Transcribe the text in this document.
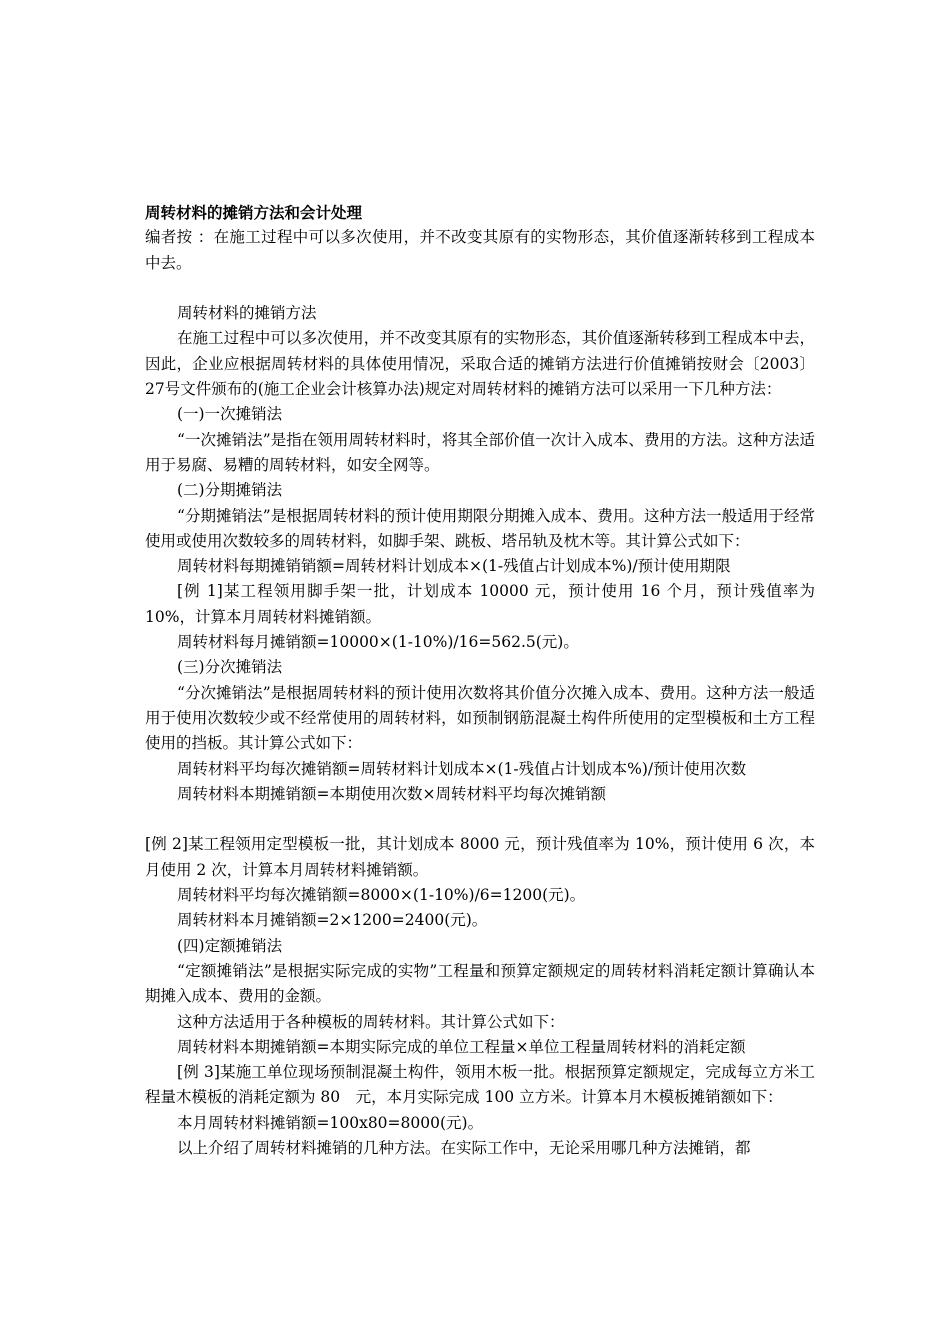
周转材料的摊销方法和会计处理

编者按 ：在施工过程中可以多次使用，并不改变其原有的实物形态，其价值逐渐转移到工程成本中去。

周转材料的摊销方法

在施工过程中可以多次使用，并不改变其原有的实物形态，其价值逐渐转移到工程成本中去，因此，企业应根据周转材料的具体使用情况，采取合适的摊销方法进行价值摊销按财会〔2003〕27号文件颁布的(施工企业会计核算办法)规定对周转材料的摊销方法可以采用一下几种方法：

(一)一次摊销法

“一次摊销法”是指在领用周转材料时，将其全部价值一次计入成本、费用的方法。这种方法适用于易腐、易糟的周转材料，如安全网等。

(二)分期摊销法

“分期摊销法”是根据周转材料的预计使用期限分期摊入成本、费用。这种方法一般适用于经常使用或使用次数较多的周转材料，如脚手架、跳板、塔吊轨及枕木等。其计算公式如下：

周转材料每期摊销销额=周转材料计划成本×(1-残值占计划成本%)/预计使用期限

[例 1]某工程领用脚手架一批，计划成本 10000 元，预计使用 16 个月，预计残值率为 10%，计算本月周转材料摊销额。

周转材料每月摊销额=10000×(1-10%)/16=562.5(元)。

(三)分次摊销法

“分次摊销法”是根据周转材料的预计使用次数将其价值分次摊入成本、费用。这种方法一般适用于使用次数较少或不经常使用的周转材料，如预制钢筋混凝土构件所使用的定型模板和土方工程使用的挡板。其计算公式如下：

周转材料平均每次摊销额=周转材料计划成本×(1-残值占计划成本%)/预计使用次数

周转材料本期摊销额=本期使用次数×周转材料平均每次摊销额

[例 2]某工程领用定型模板一批，其计划成本 8000 元，预计残值率为 10%，预计使用 6 次，本月使用 2 次，计算本月周转材料摊销额。

周转材料平均每次摊销额=8000×(1-10%)/6=1200(元)。

周转材料本月摊销额=2×1200=2400(元)。

(四)定额摊销法

“定额摊销法”是根据实际完成的实物”工程量和预算定额规定的周转材料消耗定额计算确认本期摊入成本、费用的金额。

这种方法适用于各种模板的周转材料。其计算公式如下：

周转材料本期摊销额=本期实际完成的单位工程量×单位工程量周转材料的消耗定额

[例 3]某施工单位现场预制混凝土构件，领用木板一批。根据预算定额规定，完成每立方米工程量木模板的消耗定额为 80　元，本月实际完成 100 立方米。计算本月木模板摊销额如下：

本月周转材料摊销额=100x80=8000(元)。

以上介绍了周转材料摊销的几种方法。在实际工作中，无论采用哪几种方法摊销，都
